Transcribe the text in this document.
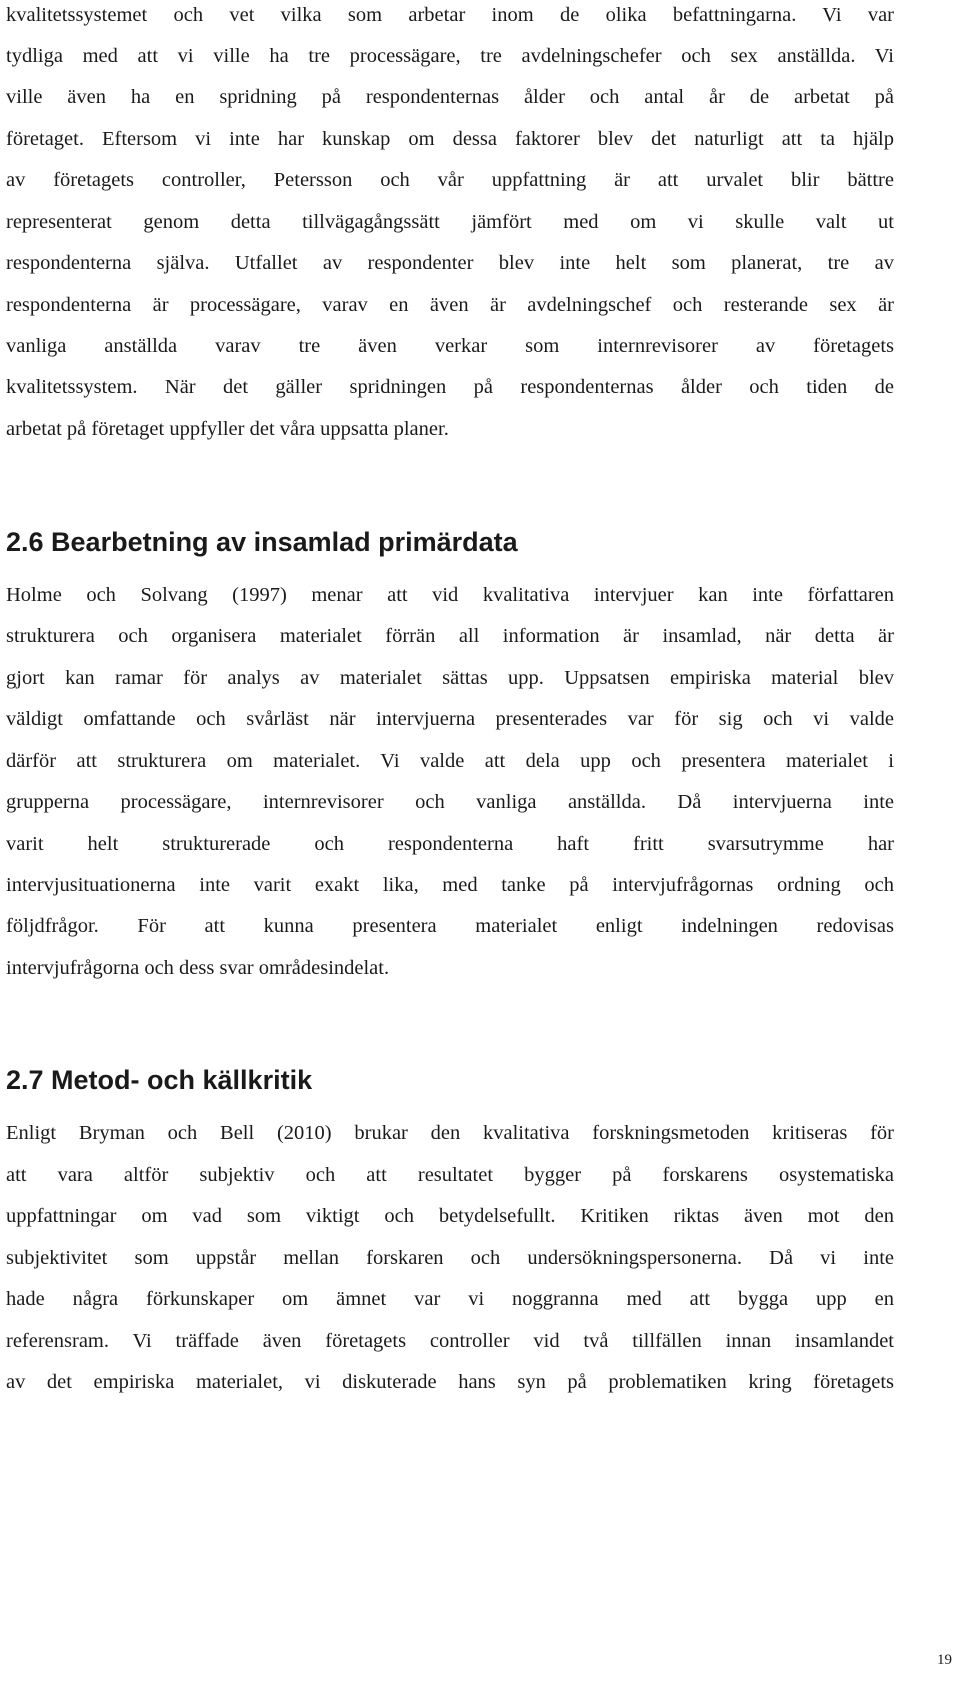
kvalitetssystemet och vet vilka som arbetar inom de olika befattningarna. Vi var
tydliga med att vi ville ha tre processägare, tre avdelningschefer och sex anställda. Vi
ville även ha en spridning på respondenternas ålder och antal år de arbetat på
företaget. Eftersom vi inte har kunskap om dessa faktorer blev det naturligt att ta hjälp
av företagets controller, Petersson och vår uppfattning är att urvalet blir bättre
representerat genom detta tillvägagångssätt jämfört med om vi skulle valt ut
respondenterna själva. Utfallet av respondenter blev inte helt som planerat, tre av
respondenterna är processägare, varav en även är avdelningschef och resterande sex är
vanliga anställda varav tre även verkar som internrevisorer av företagets
kvalitetssystem. När det gäller spridningen på respondenternas ålder och tiden de
arbetat på företaget uppfyller det våra uppsatta planer.
2.6 Bearbetning av insamlad primärdata
Holme och Solvang (1997) menar att vid kvalitativa intervjuer kan inte författaren
strukturera och organisera materialet förrän all information är insamlad, när detta är
gjort kan ramar för analys av materialet sättas upp. Uppsatsen empiriska material blev
väldigt omfattande och svårläst när intervjuerna presenterades var för sig och vi valde
därför att strukturera om materialet. Vi valde att dela upp och presentera materialet i
grupperna processägare, internrevisorer och vanliga anställda. Då intervjuerna inte
varit helt strukturerade och respondenterna haft fritt svarsutrymme har
intervjusituationerna inte varit exakt lika, med tanke på intervjufrågornas ordning och
följdfrågor. För att kunna presentera materialet enligt indelningen redovisas
intervjufrågorna och dess svar områdesindelat.
2.7 Metod- och källkritik
Enligt Bryman och Bell (2010) brukar den kvalitativa forskningsmetoden kritiseras för
att vara altför subjektiv och att resultatet bygger på forskarens osystematiska
uppfattningar om vad som viktigt och betydelsefullt. Kritiken riktas även mot den
subjektivitet som uppstår mellan forskaren och undersökningspersonerna. Då vi inte
hade några förkunskaper om ämnet var vi noggranna med att bygga upp en
referensram. Vi träffade även företagets controller vid två tillfällen innan insamlandet
av det empiriska materialet, vi diskuterade hans syn på problematiken kring företagets
19
